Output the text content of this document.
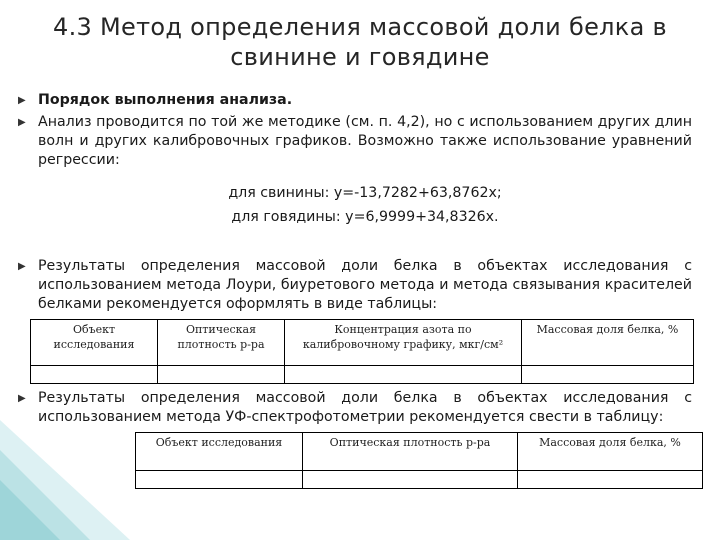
4.3 Метод определения массовой доли белка в свинине и говядине
▶ Порядок выполнения анализа.
▶ Анализ проводится по той же методике (см. п. 4,2), но с использованием других длин волн и других калибровочных графиков. Возможно также использование уравнений регрессии:
для свинины: у=-13,7282+63,8762х;
для говядины: у=6,9999+34,8326х.
▶ Результаты определения массовой доли белка в объектах исследования с использованием метода Лоури, биуретового метода и метода связывания красителей белками рекомендуется оформлять в виде таблицы:
Объект исследования	Оптическая плотность р-ра	Концентрация азота по калибровочному графику, мкг/см²	Массовая доля белка, %

▶ Результаты определения массовой доли белка в объектах исследования с использованием метода УФ-спектрофотометрии рекомендуется свести в таблицу:
Объект исследования	Оптическая плотность р-ра	Массовая доля белка, %
